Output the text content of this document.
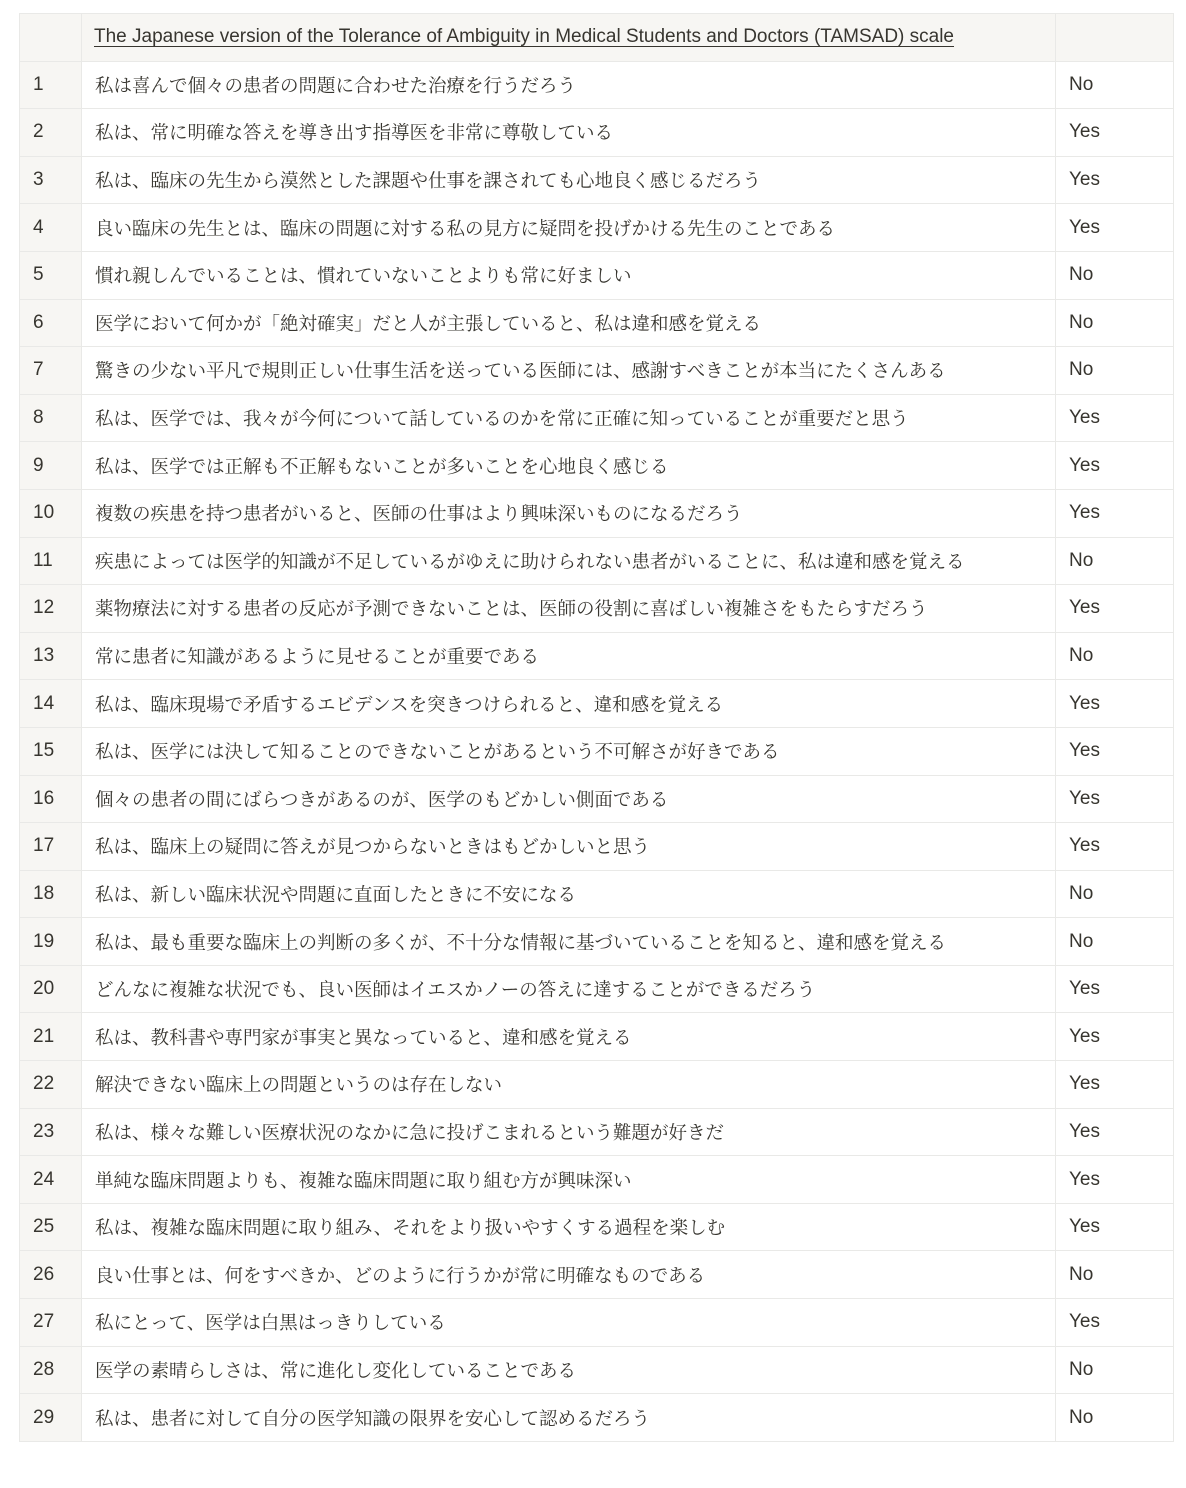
	The Japanese version of the Tolerance of Ambiguity in Medical Students and Doctors (TAMSAD) scale	
1	私は喜んで個々の患者の問題に合わせた治療を行うだろう	No
2	私は、常に明確な答えを導き出す指導医を非常に尊敬している	Yes
3	私は、臨床の先生から漠然とした課題や仕事を課されても心地良く感じるだろう	Yes
4	良い臨床の先生とは、臨床の問題に対する私の見方に疑問を投げかける先生のことである	Yes
5	慣れ親しんでいることは、慣れていないことよりも常に好ましい	No
6	医学において何かが「絶対確実」だと人が主張していると、私は違和感を覚える	No
7	驚きの少ない平凡で規則正しい仕事生活を送っている医師には、感謝すべきことが本当にたくさんある	No
8	私は、医学では、我々が今何について話しているのかを常に正確に知っていることが重要だと思う	Yes
9	私は、医学では正解も不正解もないことが多いことを心地良く感じる	Yes
10	複数の疾患を持つ患者がいると、医師の仕事はより興味深いものになるだろう	Yes
11	疾患によっては医学的知識が不足しているがゆえに助けられない患者がいることに、私は違和感を覚える	No
12	薬物療法に対する患者の反応が予測できないことは、医師の役割に喜ばしい複雑さをもたらすだろう	Yes
13	常に患者に知識があるように見せることが重要である	No
14	私は、臨床現場で矛盾するエビデンスを突きつけられると、違和感を覚える	Yes
15	私は、医学には決して知ることのできないことがあるという不可解さが好きである	Yes
16	個々の患者の間にばらつきがあるのが、医学のもどかしい側面である	Yes
17	私は、臨床上の疑問に答えが見つからないときはもどかしいと思う	Yes
18	私は、新しい臨床状況や問題に直面したときに不安になる	No
19	私は、最も重要な臨床上の判断の多くが、不十分な情報に基づいていることを知ると、違和感を覚える	No
20	どんなに複雑な状況でも、良い医師はイエスかノーの答えに達することができるだろう	Yes
21	私は、教科書や専門家が事実と異なっていると、違和感を覚える	Yes
22	解決できない臨床上の問題というのは存在しない	Yes
23	私は、様々な難しい医療状況のなかに急に投げこまれるという難題が好きだ	Yes
24	単純な臨床問題よりも、複雑な臨床問題に取り組む方が興味深い	Yes
25	私は、複雑な臨床問題に取り組み、それをより扱いやすくする過程を楽しむ	Yes
26	良い仕事とは、何をすべきか、どのように行うかが常に明確なものである	No
27	私にとって、医学は白黒はっきりしている	Yes
28	医学の素晴らしさは、常に進化し変化していることである	No
29	私は、患者に対して自分の医学知識の限界を安心して認めるだろう	No
